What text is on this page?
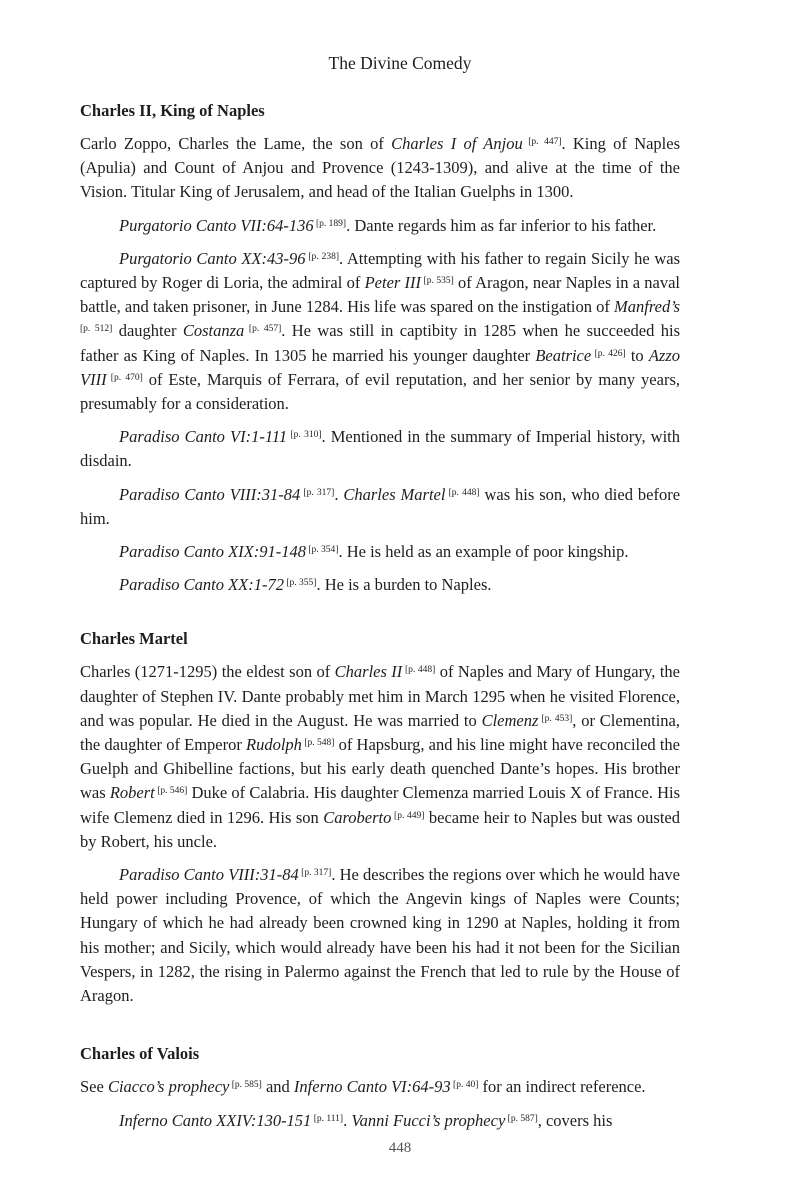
The Divine Comedy
Charles II, King of Naples

Carlo Zoppo, Charles the Lame, the son of Charles I of Anjou [p. 447]. King of Naples (Apulia) and Count of Anjou and Provence (1243-1309), and alive at the time of the Vision. Titular King of Jerusalem, and head of the Italian Guelphs in 1300.

Purgatorio Canto VII:64-136 [p. 189]. Dante regards him as far inferior to his father.

Purgatorio Canto XX:43-96 [p. 238]. Attempting with his father to regain Sicily he was captured by Roger di Loria, the admiral of Peter III [p. 535] of Aragon, near Naples in a naval battle, and taken prisoner, in June 1284. His life was spared on the instigation of Manfred’s [p. 512] daughter Costanza [p. 457]. He was still in captibity in 1285 when he succeeded his father as King of Naples. In 1305 he married his younger daughter Beatrice [p. 426] to Azzo VIII [p. 470] of Este, Marquis of Ferrara, of evil reputation, and her senior by many years, presumably for a consideration.

Paradiso Canto VI:1-111 [p. 310]. Mentioned in the summary of Imperial history, with disdain.

Paradiso Canto VIII:31-84 [p. 317]. Charles Martel [p. 448] was his son, who died before him.

Paradiso Canto XIX:91-148 [p. 354]. He is held as an example of poor kingship.

Paradiso Canto XX:1-72 [p. 355]. He is a burden to Naples.

Charles Martel

Charles (1271-1295) the eldest son of Charles II [p. 448] of Naples and Mary of Hungary, the daughter of Stephen IV. Dante probably met him in March 1295 when he visited Florence, and was popular. He died in the August. He was married to Clemenz [p. 453], or Clementina, the daughter of Emperor Rudolph [p. 548] of Hapsburg, and his line might have reconciled the Guelph and Ghibelline factions, but his early death quenched Dante’s hopes. His brother was Robert [p. 546] Duke of Calabria. His daughter Clemenza married Louis X of France. His wife Clemenz died in 1296. His son Caroberto [p. 449] became heir to Naples but was ousted by Robert, his uncle.

Paradiso Canto VIII:31-84 [p. 317]. He describes the regions over which he would have held power including Provence, of which the Angevin kings of Naples were Counts; Hungary of which he had already been crowned king in 1290 at Naples, holding it from his mother; and Sicily, which would already have been his had it not been for the Sicilian Vespers, in 1282, the rising in Palermo against the French that led to rule by the House of Aragon.

Charles of Valois

See Ciacco’s prophecy [p. 585] and Inferno Canto VI:64-93 [p. 40] for an indirect reference.

Inferno Canto XXIV:130-151 [p. 111]. Vanni Fucci’s prophecy [p. 587], covers his

448
